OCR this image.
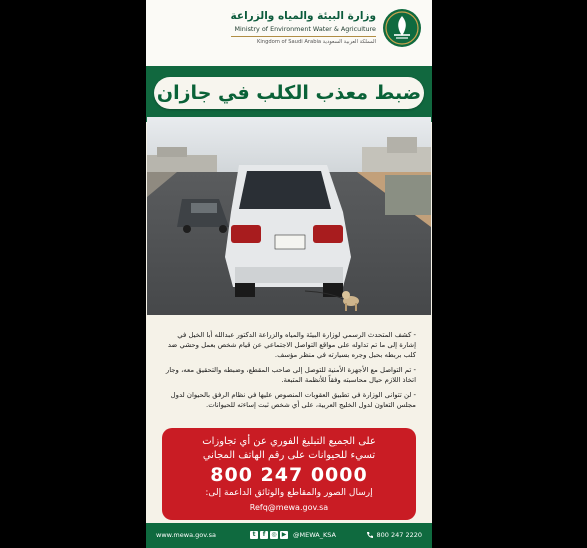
وزارة البيئة والمياه والزراعة
Ministry of Environment Water & Agriculture
Kingdom of Saudi Arabia المملكة العربية السعودية
ضبط معذب الكلب في جازان

- كشف المتحدث الرسمي لوزارة البيئة والمياه والزراعة الدكتور عبدالله أبا الخيل في إشارة إلى ما تم تداوله على مواقع التواصل الاجتماعي عن قيام شخص بعمل وحشي ضد كلب بربطه بحبل وجره بسيارته في منظر مؤسف.

- تم التواصل مع الأجهزة الأمنية للتوصل إلى صاحب المقطع، وضبطه والتحقيق معه، وجار اتخاذ اللازم حيال محاسبته وفقاً للأنظمة المتبعة.

- لن تتوانى الوزارة في تطبيق العقوبات المنصوص عليها في نظام الرفق بالحيوان لدول مجلس التعاون لدول الخليج العربية، على أي شخص ثبت إساءته للحيوانات.

على الجميع التبليغ الفوري عن أي تجاوزات
تسيء للحيوانات على رقم الهاتف المجاني
800 247 0000
إرسال الصور والمقاطع والوثائق الداعمة إلى:
Refq@mewa.gov.sa
www.mewa.gov.sa	t	f	◎ ▶ @MEWA_KSA	800 247 2220
